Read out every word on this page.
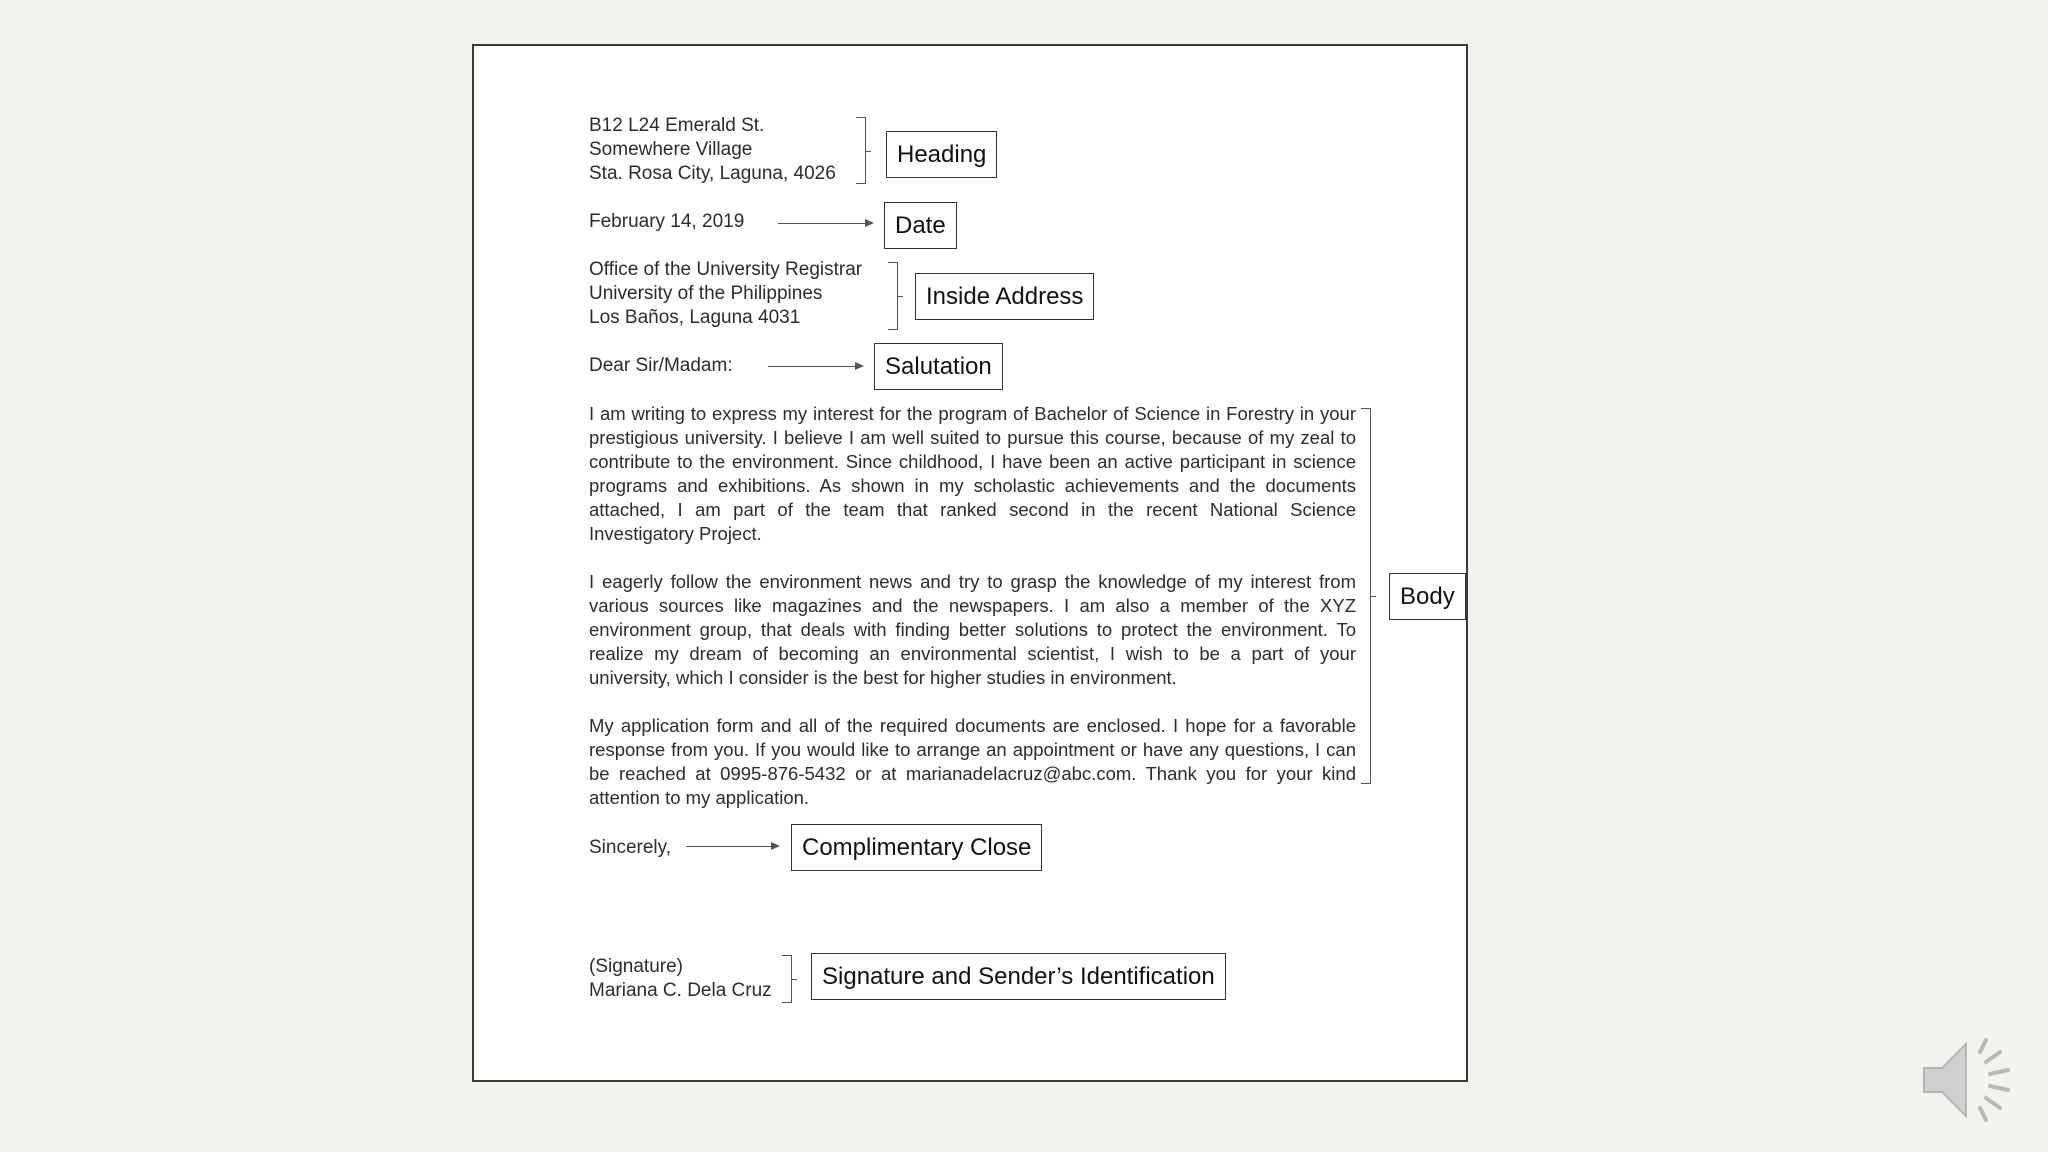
B12 L24 Emerald St.
Somewhere Village
Sta. Rosa City, Laguna, 4026
Heading
February 14, 2019	Date
Office of the University Registrar
University of the Philippines
Los Baños, Laguna 4031
Inside Address
Dear Sir/Madam:	Salutation
I am writing to express my interest for the program of Bachelor of Science in Forestry in your prestigious university. I believe I am well suited to pursue this course, because of my zeal to contribute to the environment. Since childhood, I have been an active participant in science programs and exhibitions. As shown in my scholastic achievements and the documents attached, I am part of the team that ranked second in the recent National Science Investigatory Project.
I eagerly follow the environment news and try to grasp the knowledge of my interest from various sources like magazines and the newspapers. I am also a member of the XYZ environment group, that deals with finding better solutions to protect the environment. To realize my dream of becoming an environmental scientist, I wish to be a part of your university, which I consider is the best for higher studies in environment.
My application form and all of the required documents are enclosed. I hope for a favorable response from you. If you would like to arrange an appointment or have any questions, I can be reached at 0995-876-5432 or at marianadelacruz@abc.com. Thank you for your kind attention to my application.
Body
Sincerely,	Complimentary Close
(Signature)
Mariana C. Dela Cruz
Signature and Sender’s Identification
